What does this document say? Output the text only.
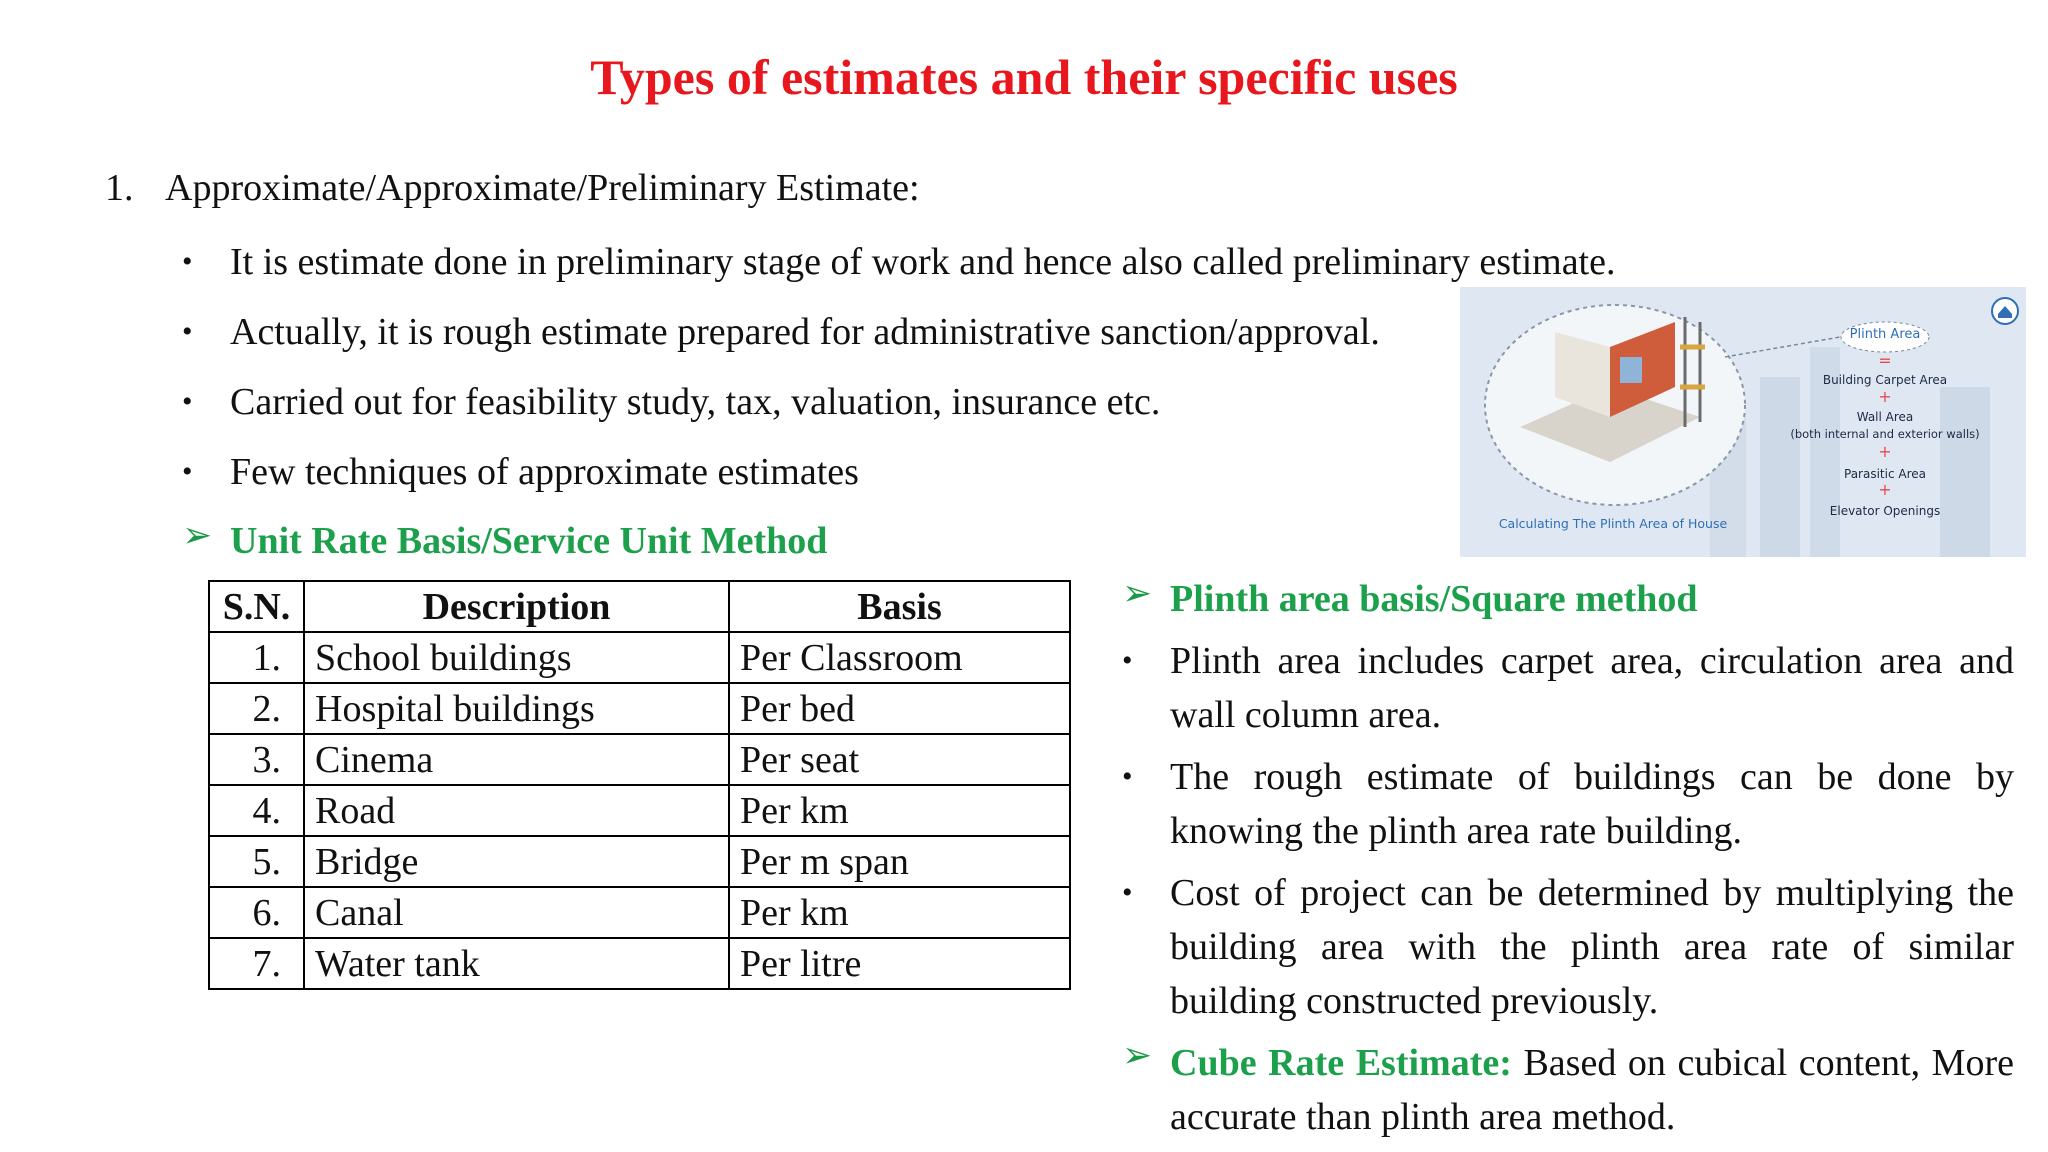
Types of estimates and their specific uses
1. Approximate/Approximate/Preliminary Estimate:
• It is estimate done in preliminary stage of work and hence also called preliminary estimate.
• Actually, it is rough estimate prepared for administrative sanction/approval.
• Carried out for feasibility study, tax, valuation, insurance etc.
• Few techniques of approximate estimates
➢ Unit Rate Basis/Service Unit Method
S.N.	Description	Basis
1.	School buildings	Per Classroom
2.	Hospital buildings	Per bed
3.	Cinema	Per seat
4.	Road	Per km
5.	Bridge	Per m span
6.	Canal	Per km
7.	Water tank	Per litre
➢ Plinth area basis/Square method
• Plinth area includes carpet area, circulation area and wall column area.
• The rough estimate of buildings can be done by knowing the plinth area rate building.
• Cost of project can be determined by multiplying the building area with the plinth area rate of similar building constructed previously.
➢ Cube Rate Estimate: Based on cubical content, More accurate than plinth area method.
Plinth Area
=
Building Carpet Area
+
Wall Area
(both internal and exterior walls)
+
Parasitic Area
+
Elevator Openings
Calculating The Plinth Area of House
